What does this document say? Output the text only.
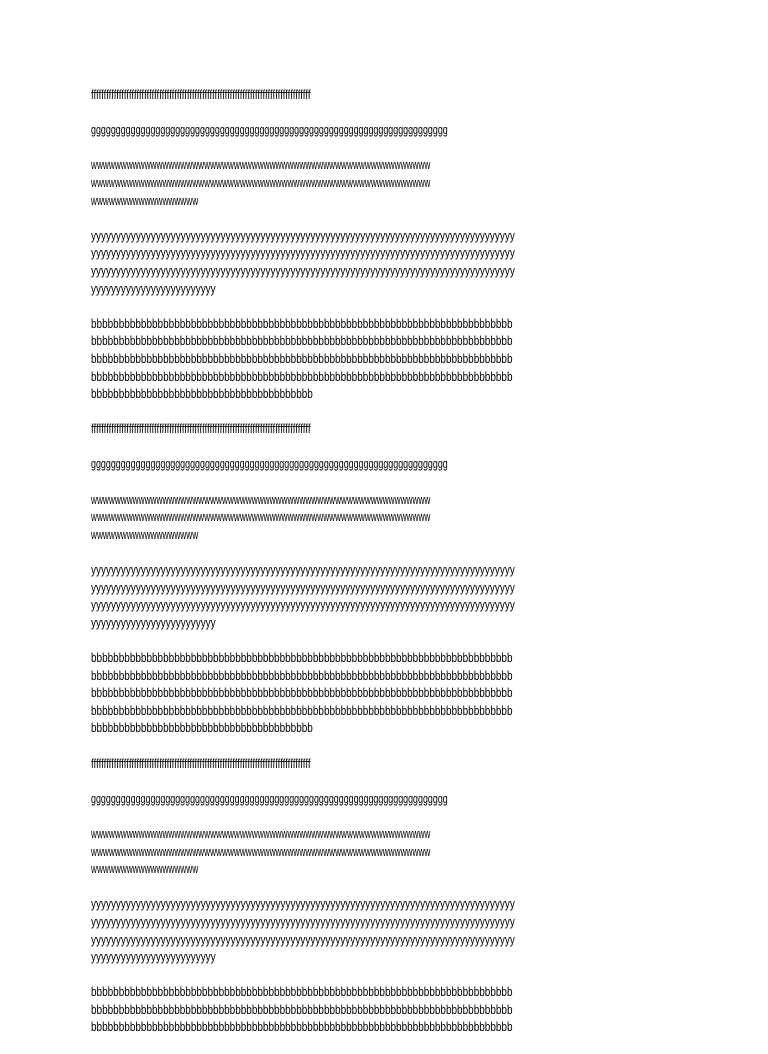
fffffffffffffffffffffffffffffffffffffffffffffffffffffffffffffffffffffffffffffffffffffff
gggggggggggggggggggggggggggggggggggggggggggggggggggggggggggggggggggggggg
wwwwwwwwwwwwwwwwwwwwwwwwwwwwwwwwwwwwwwwwwwwwwwwwwwwwwwwww
wwwwwwwwwwwwwwwwwwwwwwwwwwwwwwwwwwwwwwwwwwwwwwwwwwwwwwwww
wwwwwwwwwwwwwwwwww
yyyyyyyyyyyyyyyyyyyyyyyyyyyyyyyyyyyyyyyyyyyyyyyyyyyyyyyyyyyyyyyyyyyyyyyyyyyyyyyyyyyyy
yyyyyyyyyyyyyyyyyyyyyyyyyyyyyyyyyyyyyyyyyyyyyyyyyyyyyyyyyyyyyyyyyyyyyyyyyyyyyyyyyyyyy
yyyyyyyyyyyyyyyyyyyyyyyyyyyyyyyyyyyyyyyyyyyyyyyyyyyyyyyyyyyyyyyyyyyyyyyyyyyyyyyyyyyyy
yyyyyyyyyyyyyyyyyyyyyyyyy
bbbbbbbbbbbbbbbbbbbbbbbbbbbbbbbbbbbbbbbbbbbbbbbbbbbbbbbbbbbbbbbbbbbbbbbbbbbb
bbbbbbbbbbbbbbbbbbbbbbbbbbbbbbbbbbbbbbbbbbbbbbbbbbbbbbbbbbbbbbbbbbbbbbbbbbbb
bbbbbbbbbbbbbbbbbbbbbbbbbbbbbbbbbbbbbbbbbbbbbbbbbbbbbbbbbbbbbbbbbbbbbbbbbbbb
bbbbbbbbbbbbbbbbbbbbbbbbbbbbbbbbbbbbbbbbbbbbbbbbbbbbbbbbbbbbbbbbbbbbbbbbbbbb
bbbbbbbbbbbbbbbbbbbbbbbbbbbbbbbbbbbbbbbb
fffffffffffffffffffffffffffffffffffffffffffffffffffffffffffffffffffffffffffffffffffffff
gggggggggggggggggggggggggggggggggggggggggggggggggggggggggggggggggggggggg
wwwwwwwwwwwwwwwwwwwwwwwwwwwwwwwwwwwwwwwwwwwwwwwwwwwwwwwww
wwwwwwwwwwwwwwwwwwwwwwwwwwwwwwwwwwwwwwwwwwwwwwwwwwwwwwwww
wwwwwwwwwwwwwwwwww
yyyyyyyyyyyyyyyyyyyyyyyyyyyyyyyyyyyyyyyyyyyyyyyyyyyyyyyyyyyyyyyyyyyyyyyyyyyyyyyyyyyyy
yyyyyyyyyyyyyyyyyyyyyyyyyyyyyyyyyyyyyyyyyyyyyyyyyyyyyyyyyyyyyyyyyyyyyyyyyyyyyyyyyyyyy
yyyyyyyyyyyyyyyyyyyyyyyyyyyyyyyyyyyyyyyyyyyyyyyyyyyyyyyyyyyyyyyyyyyyyyyyyyyyyyyyyyyyy
yyyyyyyyyyyyyyyyyyyyyyyyy
bbbbbbbbbbbbbbbbbbbbbbbbbbbbbbbbbbbbbbbbbbbbbbbbbbbbbbbbbbbbbbbbbbbbbbbbbbbb
bbbbbbbbbbbbbbbbbbbbbbbbbbbbbbbbbbbbbbbbbbbbbbbbbbbbbbbbbbbbbbbbbbbbbbbbbbbb
bbbbbbbbbbbbbbbbbbbbbbbbbbbbbbbbbbbbbbbbbbbbbbbbbbbbbbbbbbbbbbbbbbbbbbbbbbbb
bbbbbbbbbbbbbbbbbbbbbbbbbbbbbbbbbbbbbbbbbbbbbbbbbbbbbbbbbbbbbbbbbbbbbbbbbbbb
bbbbbbbbbbbbbbbbbbbbbbbbbbbbbbbbbbbbbbbb
fffffffffffffffffffffffffffffffffffffffffffffffffffffffffffffffffffffffffffffffffffffff
gggggggggggggggggggggggggggggggggggggggggggggggggggggggggggggggggggggggg
wwwwwwwwwwwwwwwwwwwwwwwwwwwwwwwwwwwwwwwwwwwwwwwwwwwwwwwww
wwwwwwwwwwwwwwwwwwwwwwwwwwwwwwwwwwwwwwwwwwwwwwwwwwwwwwwww
wwwwwwwwwwwwwwwwww
yyyyyyyyyyyyyyyyyyyyyyyyyyyyyyyyyyyyyyyyyyyyyyyyyyyyyyyyyyyyyyyyyyyyyyyyyyyyyyyyyyyyy
yyyyyyyyyyyyyyyyyyyyyyyyyyyyyyyyyyyyyyyyyyyyyyyyyyyyyyyyyyyyyyyyyyyyyyyyyyyyyyyyyyyyy
yyyyyyyyyyyyyyyyyyyyyyyyyyyyyyyyyyyyyyyyyyyyyyyyyyyyyyyyyyyyyyyyyyyyyyyyyyyyyyyyyyyyy
yyyyyyyyyyyyyyyyyyyyyyyyy
bbbbbbbbbbbbbbbbbbbbbbbbbbbbbbbbbbbbbbbbbbbbbbbbbbbbbbbbbbbbbbbbbbbbbbbbbbbb
bbbbbbbbbbbbbbbbbbbbbbbbbbbbbbbbbbbbbbbbbbbbbbbbbbbbbbbbbbbbbbbbbbbbbbbbbbbb
bbbbbbbbbbbbbbbbbbbbbbbbbbbbbbbbbbbbbbbbbbbbbbbbbbbbbbbbbbbbbbbbbbbbbbbbbbbb
